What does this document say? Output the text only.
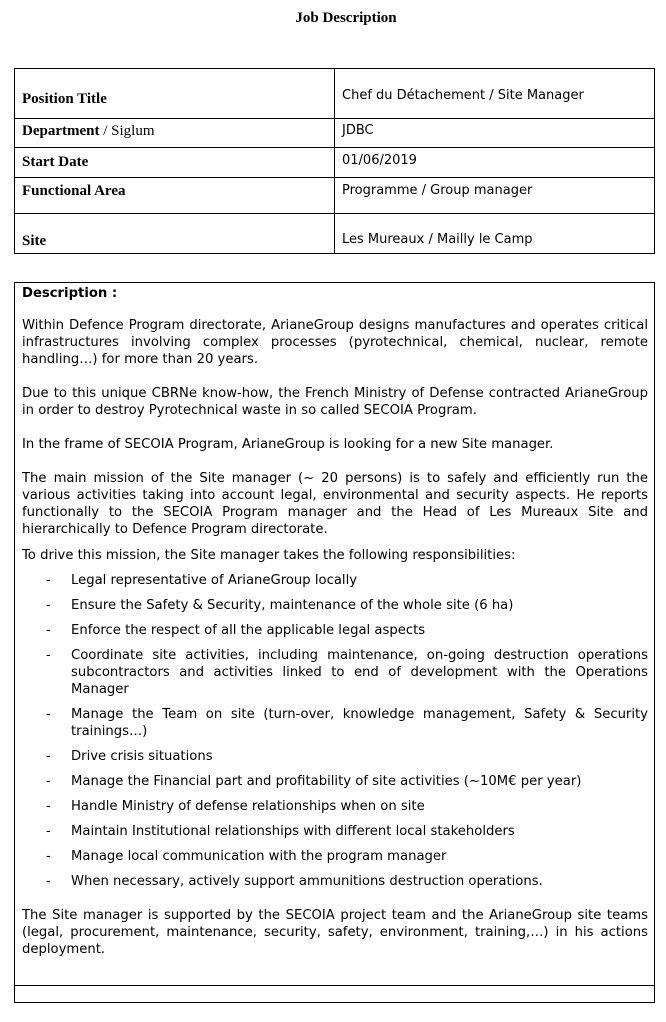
Job Description
Position Title	Chef du Détachement / Site Manager
Department / Siglum	JDBC
Start Date	01/06/2019
Functional Area	Programme / Group manager
Site	Les Mureaux / Mailly le Camp
Description :

Within Defence Program directorate, ArianeGroup designs manufactures and operates critical infrastructures involving complex processes (pyrotechnical, chemical, nuclear, remote handling…) for more than 20 years.

Due to this unique CBRNe know-how, the French Ministry of Defense contracted ArianeGroup in order to destroy Pyrotechnical waste in so called SECOIA Program.

In the frame of SECOIA Program, ArianeGroup is looking for a new Site manager.

The main mission of the Site manager (~ 20 persons) is to safely and efficiently run the various activities taking into account legal, environmental and security aspects. He reports functionally to the SECOIA Program manager and the Head of Les Mureaux Site and hierarchically to Defence Program directorate.

To drive this mission, the Site manager takes the following responsibilities:

- Legal representative of ArianeGroup locally
- Ensure the Safety & Security, maintenance of the whole site (6 ha)
- Enforce the respect of all the applicable legal aspects
- Coordinate site activities, including maintenance, on-going destruction operations subcontractors and activities linked to end of development with the Operations Manager
- Manage the Team on site (turn-over, knowledge management, Safety & Security trainings…)
- Drive crisis situations
- Manage the Financial part and profitability of site activities (~10M€ per year)
- Handle Ministry of defense relationships when on site
- Maintain Institutional relationships with different local stakeholders
- Manage local communication with the program manager
- When necessary, actively support ammunitions destruction operations.

The Site manager is supported by the SECOIA project team and the ArianeGroup site teams (legal, procurement, maintenance, security, safety, environment, training,…) in his actions deployment.
